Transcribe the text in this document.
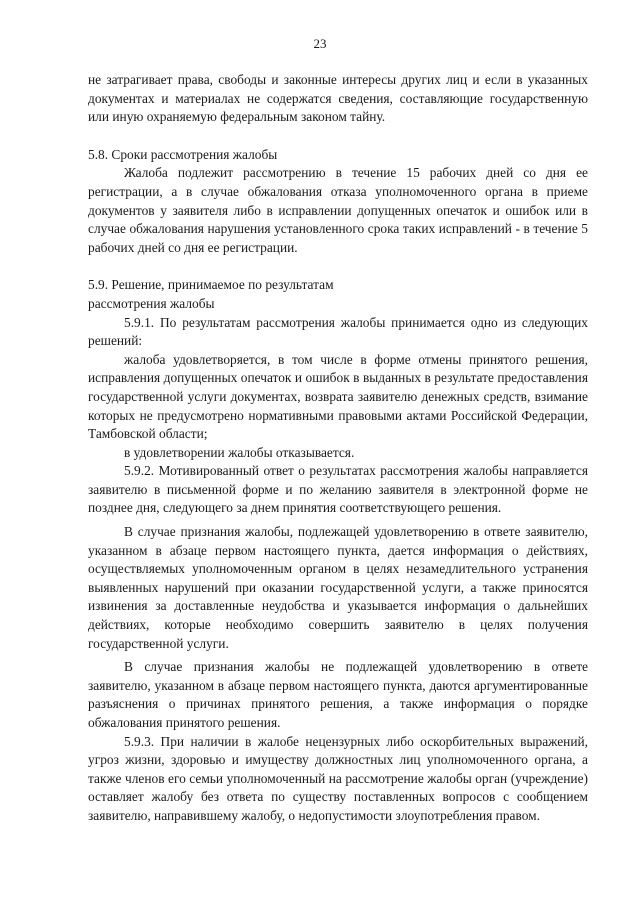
23

не затрагивает права, свободы и законные интересы других лиц и если в указанных документах и материалах не содержатся сведения, составляющие государственную или иную охраняемую федеральным законом тайну.

5.8. Сроки рассмотрения жалобы

Жалоба подлежит рассмотрению в течение 15 рабочих дней со дня ее регистрации, а в случае обжалования отказа уполномоченного органа в приеме документов у заявителя либо в исправлении допущенных опечаток и ошибок или в случае обжалования нарушения установленного срока таких исправлений - в течение 5 рабочих дней со дня ее регистрации.

5.9. Решение, принимаемое по результатам

рассмотрения жалобы

5.9.1. По результатам рассмотрения жалобы принимается одно из следующих решений:

жалоба удовлетворяется, в том числе в форме отмены принятого решения, исправления допущенных опечаток и ошибок в выданных в результате предоставления государственной услуги документах, возврата заявителю денежных средств, взимание которых не предусмотрено нормативными правовыми актами Российской Федерации, Тамбовской области;

в удовлетворении жалобы отказывается.

5.9.2. Мотивированный ответ о результатах рассмотрения жалобы направляется заявителю в письменной форме и по желанию заявителя в электронной форме не позднее дня, следующего за днем принятия соответствующего решения.

В случае признания жалобы, подлежащей удовлетворению в ответе заявителю, указанном в абзаце первом настоящего пункта, дается информация о действиях, осуществляемых уполномоченным органом в целях незамедлительного устранения выявленных нарушений при оказании государственной услуги, а также приносятся извинения за доставленные неудобства и указывается информация о дальнейших действиях, которые необходимо совершить заявителю в целях получения государственной услуги.

В случае признания жалобы не подлежащей удовлетворению в ответе заявителю, указанном в абзаце первом настоящего пункта, даются аргументированные разъяснения о причинах принятого решения, а также информация о порядке обжалования принятого решения.

5.9.3. При наличии в жалобе нецензурных либо оскорбительных выражений, угроз жизни, здоровью и имуществу должностных лиц уполномоченного органа, а также членов его семьи уполномоченный на рассмотрение жалобы орган (учреждение) оставляет жалобу без ответа по существу поставленных вопросов с сообщением заявителю, направившему жалобу, о недопустимости злоупотребления правом.
